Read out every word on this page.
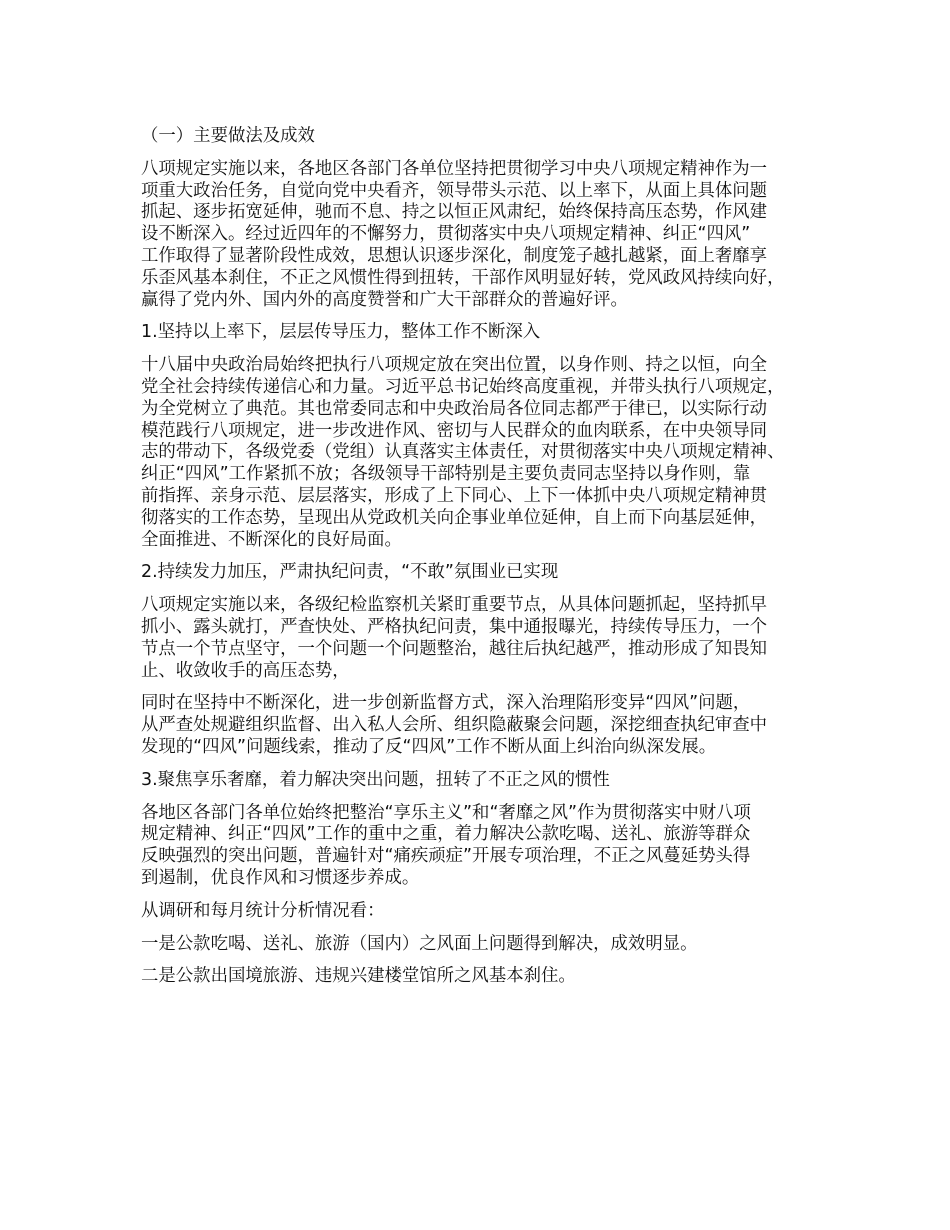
（一）主要做法及成效

八项规定实施以来，各地区各部门各单位坚持把贯彻学习中央八项规定精神作为一
项重大政治任务，自觉向党中央看齐，领导带头示范、以上率下，从面上具体问题
抓起、逐步拓宽延伸，驰而不息、持之以恒正风肃纪，始终保持高压态势，作风建
设不断深入。经过近四年的不懈努力，贯彻落实中央八项规定精神、纠正“四风”
工作取得了显著阶段性成效，思想认识逐步深化，制度笼子越扎越紧，面上奢靡享
乐歪风基本刹住，不正之风惯性得到扭转，干部作风明显好转，党风政风持续向好，
赢得了党内外、国内外的高度赞誉和广大干部群众的普遍好评。

1.坚持以上率下，层层传导压力，整体工作不断深入

十八届中央政治局始终把执行八项规定放在突出位置，以身作则、持之以恒，向全
党全社会持续传递信心和力量。习近平总书记始终高度重视，并带头执行八项规定，
为全党树立了典范。其也常委同志和中央政治局各位同志都严于律已，以实际行动
模范践行八项规定，进一步改进作风、密切与人民群众的血肉联系，在中央领导同
志的带动下，各级党委（党组）认真落实主体责任，对贯彻落实中央八项规定精神、
纠正“四风”工作紧抓不放；各级领导干部特别是主要负责同志坚持以身作则，靠
前指挥、亲身示范、层层落实，形成了上下同心、上下一体抓中央八项规定精神贯
彻落实的工作态势，呈现出从党政机关向企事业单位延伸，自上而下向基层延伸，
全面推进、不断深化的良好局面。

2.持续发力加压，严肃执纪问责，“不敢”氛围业已实现

八项规定实施以来，各级纪检监察机关紧盯重要节点，从具体问题抓起，坚持抓早
抓小、露头就打，严查快处、严格执纪问责，集中通报曝光，持续传导压力，一个
节点一个节点坚守，一个问题一个问题整治，越往后执纪越严，推动形成了知畏知
止、收敛收手的高压态势，

同时在坚持中不断深化，进一步创新监督方式，深入治理陷形变异“四风”问题，
从严查处规避组织监督、出入私人会所、组织隐蔽聚会问题，深挖细查执纪审查中
发现的“四风”问题线索，推动了反“四风”工作不断从面上纠治向纵深发展。

3.聚焦享乐奢靡，着力解决突出问题，扭转了不正之风的惯性

各地区各部门各单位始终把整治“享乐主义”和“奢靡之风”作为贯彻落实中财八项
规定精神、纠正“四风”工作的重中之重，着力解决公款吃喝、送礼、旅游等群众
反映强烈的突出问题，普遍针对“痛疾顽症”开展专项治理，不正之风蔓延势头得
到遏制，优良作风和习惯逐步养成。

从调研和每月统计分析情况看：

一是公款吃喝、送礼、旅游（国内）之风面上问题得到解决，成效明显。

二是公款出国境旅游、违规兴建楼堂馆所之风基本刹住。
